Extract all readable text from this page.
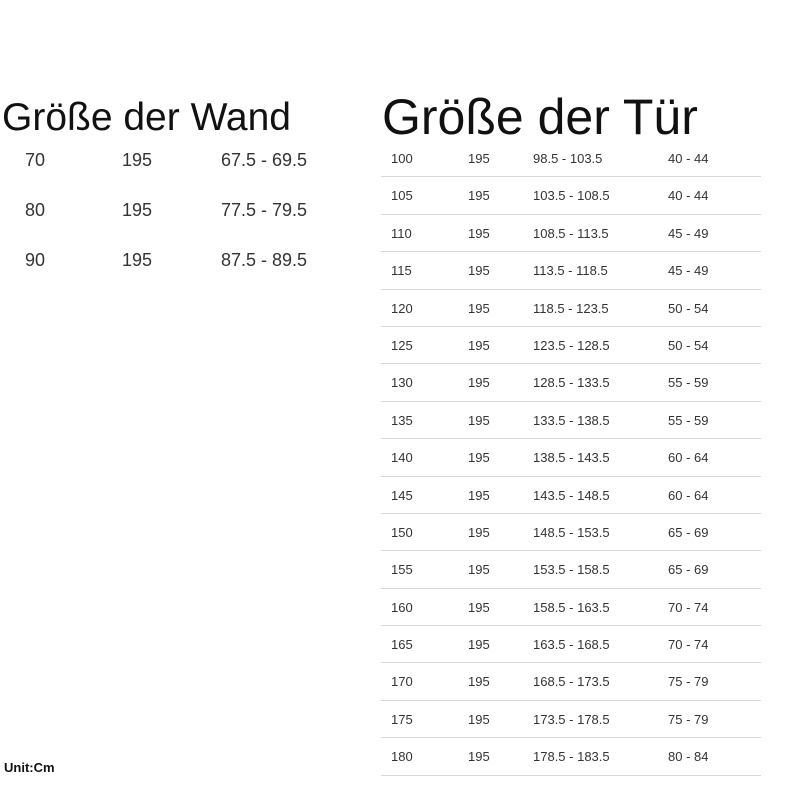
Größe der Wand Größe der Tür
70	195	67.5 - 69.5
80	195	77.5 - 79.5
90	195	87.5 - 89.5
100	195	98.5 - 103.5	40 - 44
105	195	103.5 - 108.5	40 - 44
110	195	108.5 - 113.5	45 - 49
115	195	113.5 - 118.5	45 - 49
120	195	118.5 - 123.5	50 - 54
125	195	123.5 - 128.5	50 - 54
130	195	128.5 - 133.5	55 - 59
135	195	133.5 - 138.5	55 - 59
140	195	138.5 - 143.5	60 - 64
145	195	143.5 - 148.5	60 - 64
150	195	148.5 - 153.5	65 - 69
155	195	153.5 - 158.5	65 - 69
160	195	158.5 - 163.5	70 - 74
165	195	163.5 - 168.5	70 - 74
170	195	168.5 - 173.5	75 - 79
175	195	173.5 - 178.5	75 - 79
180	195	178.5 - 183.5	80 - 84
Unit:Cm
